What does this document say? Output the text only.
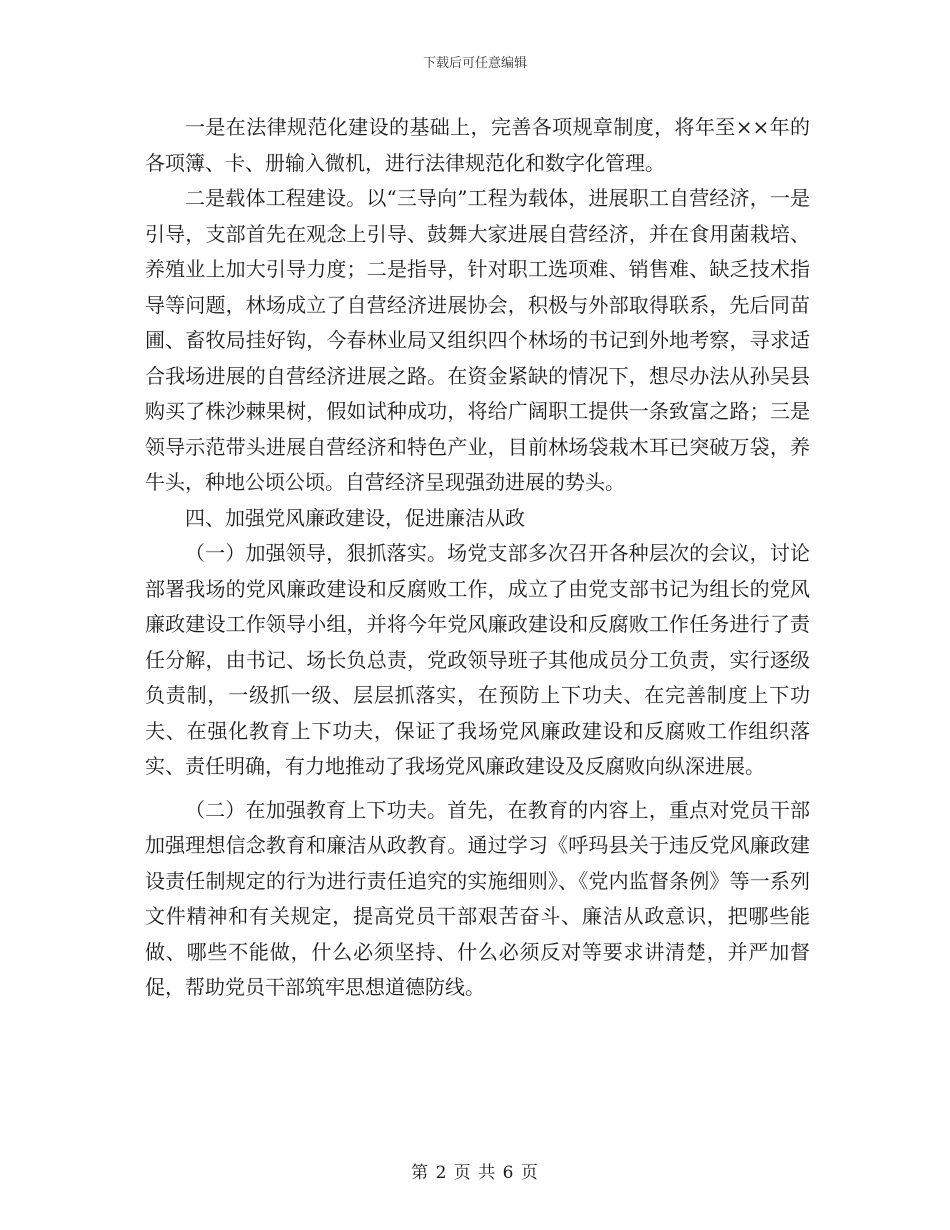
下载后可任意编辑

一是在法律规范化建设的基础上，完善各项规章制度，将年至××年的各项簿、卡、册输入微机，进行法律规范化和数字化管理。

二是载体工程建设。以“三导向”工程为载体，进展职工自营经济，一是引导，支部首先在观念上引导、鼓舞大家进展自营经济，并在食用菌栽培、养殖业上加大引导力度；二是指导，针对职工选项难、销售难、缺乏技术指导等问题，林场成立了自营经济进展协会，积极与外部取得联系，先后同苗圃、畜牧局挂好钩，今春林业局又组织四个林场的书记到外地考察，寻求适合我场进展的自营经济进展之路。在资金紧缺的情况下，想尽办法从孙吴县购买了株沙棘果树，假如试种成功，将给广阔职工提供一条致富之路；三是领导示范带头进展自营经济和特色产业，目前林场袋栽木耳已突破万袋，养牛头，种地公顷公顷。自营经济呈现强劲进展的势头。

四、加强党风廉政建设，促进廉洁从政

（一）加强领导，狠抓落实。场党支部多次召开各种层次的会议，讨论部署我场的党风廉政建设和反腐败工作，成立了由党支部书记为组长的党风廉政建设工作领导小组，并将今年党风廉政建设和反腐败工作任务进行了责任分解，由书记、场长负总责，党政领导班子其他成员分工负责，实行逐级负责制，一级抓一级、层层抓落实，在预防上下功夫、在完善制度上下功夫、在强化教育上下功夫，保证了我场党风廉政建设和反腐败工作组织落实、责任明确，有力地推动了我场党风廉政建设及反腐败向纵深进展。

（二）在加强教育上下功夫。首先，在教育的内容上，重点对党员干部加强理想信念教育和廉洁从政教育。通过学习《呼玛县关于违反党风廉政建设责任制规定的行为进行责任追究的实施细则》、《党内监督条例》等一系列文件精神和有关规定，提高党员干部艰苦奋斗、廉洁从政意识，把哪些能做、哪些不能做，什么必须坚持、什么必须反对等要求讲清楚，并严加督促，帮助党员干部筑牢思想道德防线。

第 2 页 共 6 页
